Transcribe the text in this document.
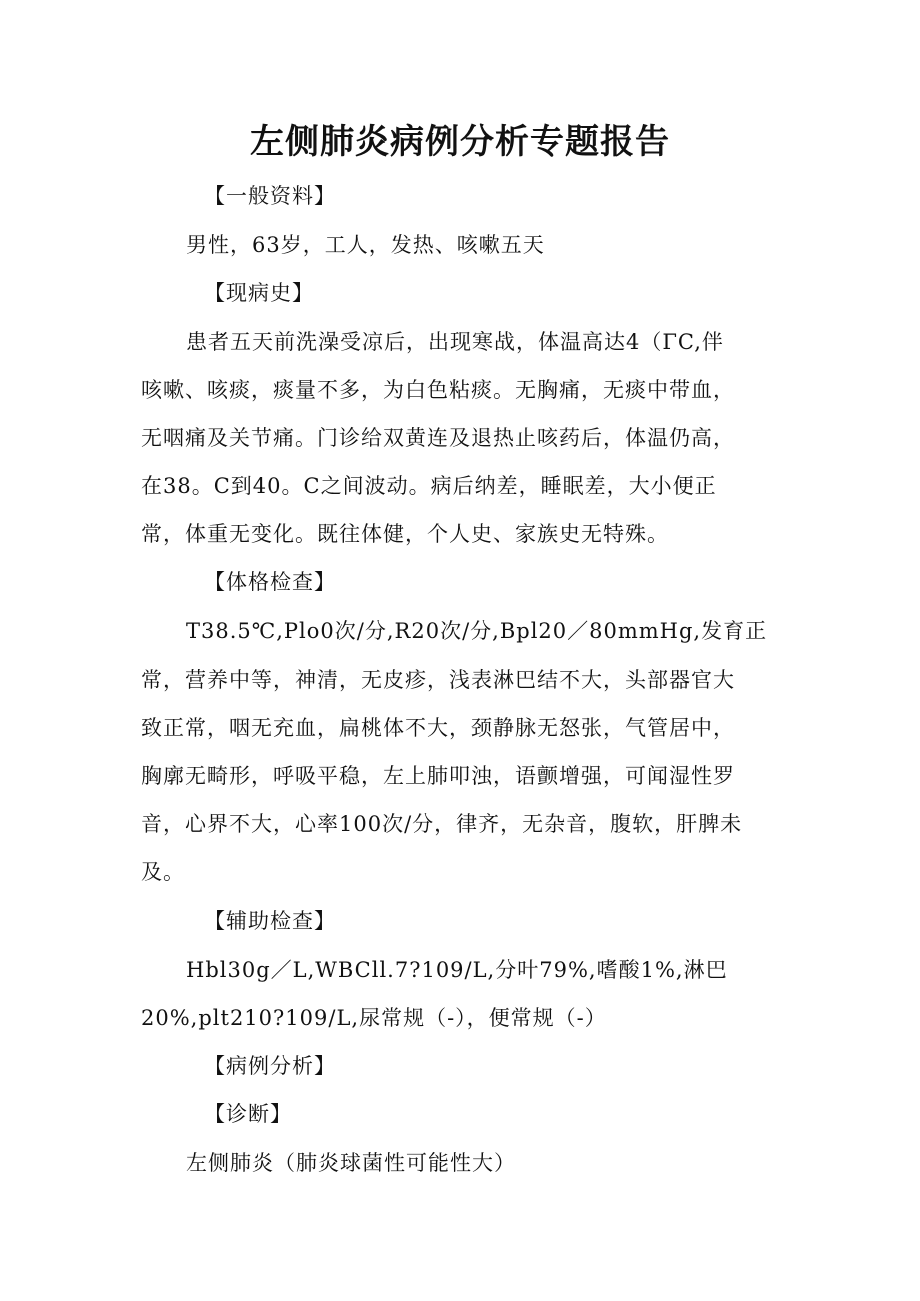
左侧肺炎病例分析专题报告
【一般资料】
男性，63岁，工人，发热、咳嗽五天
【现病史】
患者五天前洗澡受凉后，出现寒战，体温高达4（ΓC,伴
咳嗽、咳痰，痰量不多，为白色粘痰。无胸痛，无痰中带血，
无咽痛及关节痛。门诊给双黄连及退热止咳药后，体温仍高，
在38。C到40。C之间波动。病后纳差，睡眠差，大小便正
常，体重无变化。既往体健，个人史、家族史无特殊。
【体格检查】
T38.5℃,Plo0次/分,R20次/分,Bpl20／80mmHg,发育正
常，营养中等，神清，无皮疹，浅表淋巴结不大，头部器官大
致正常，咽无充血，扁桃体不大，颈静脉无怒张，气管居中，
胸廓无畸形，呼吸平稳，左上肺叩浊，语颤增强，可闻湿性罗
音，心界不大，心率100次/分，律齐，无杂音，腹软，肝脾未
及。
【辅助检查】
Hbl30g／L,WBCll.7?109/L,分叶79%,嗜酸1%,淋巴
20%,plt210?109/L,尿常规（-），便常规（-）
【病例分析】
【诊断】
左侧肺炎（肺炎球菌性可能性大）
